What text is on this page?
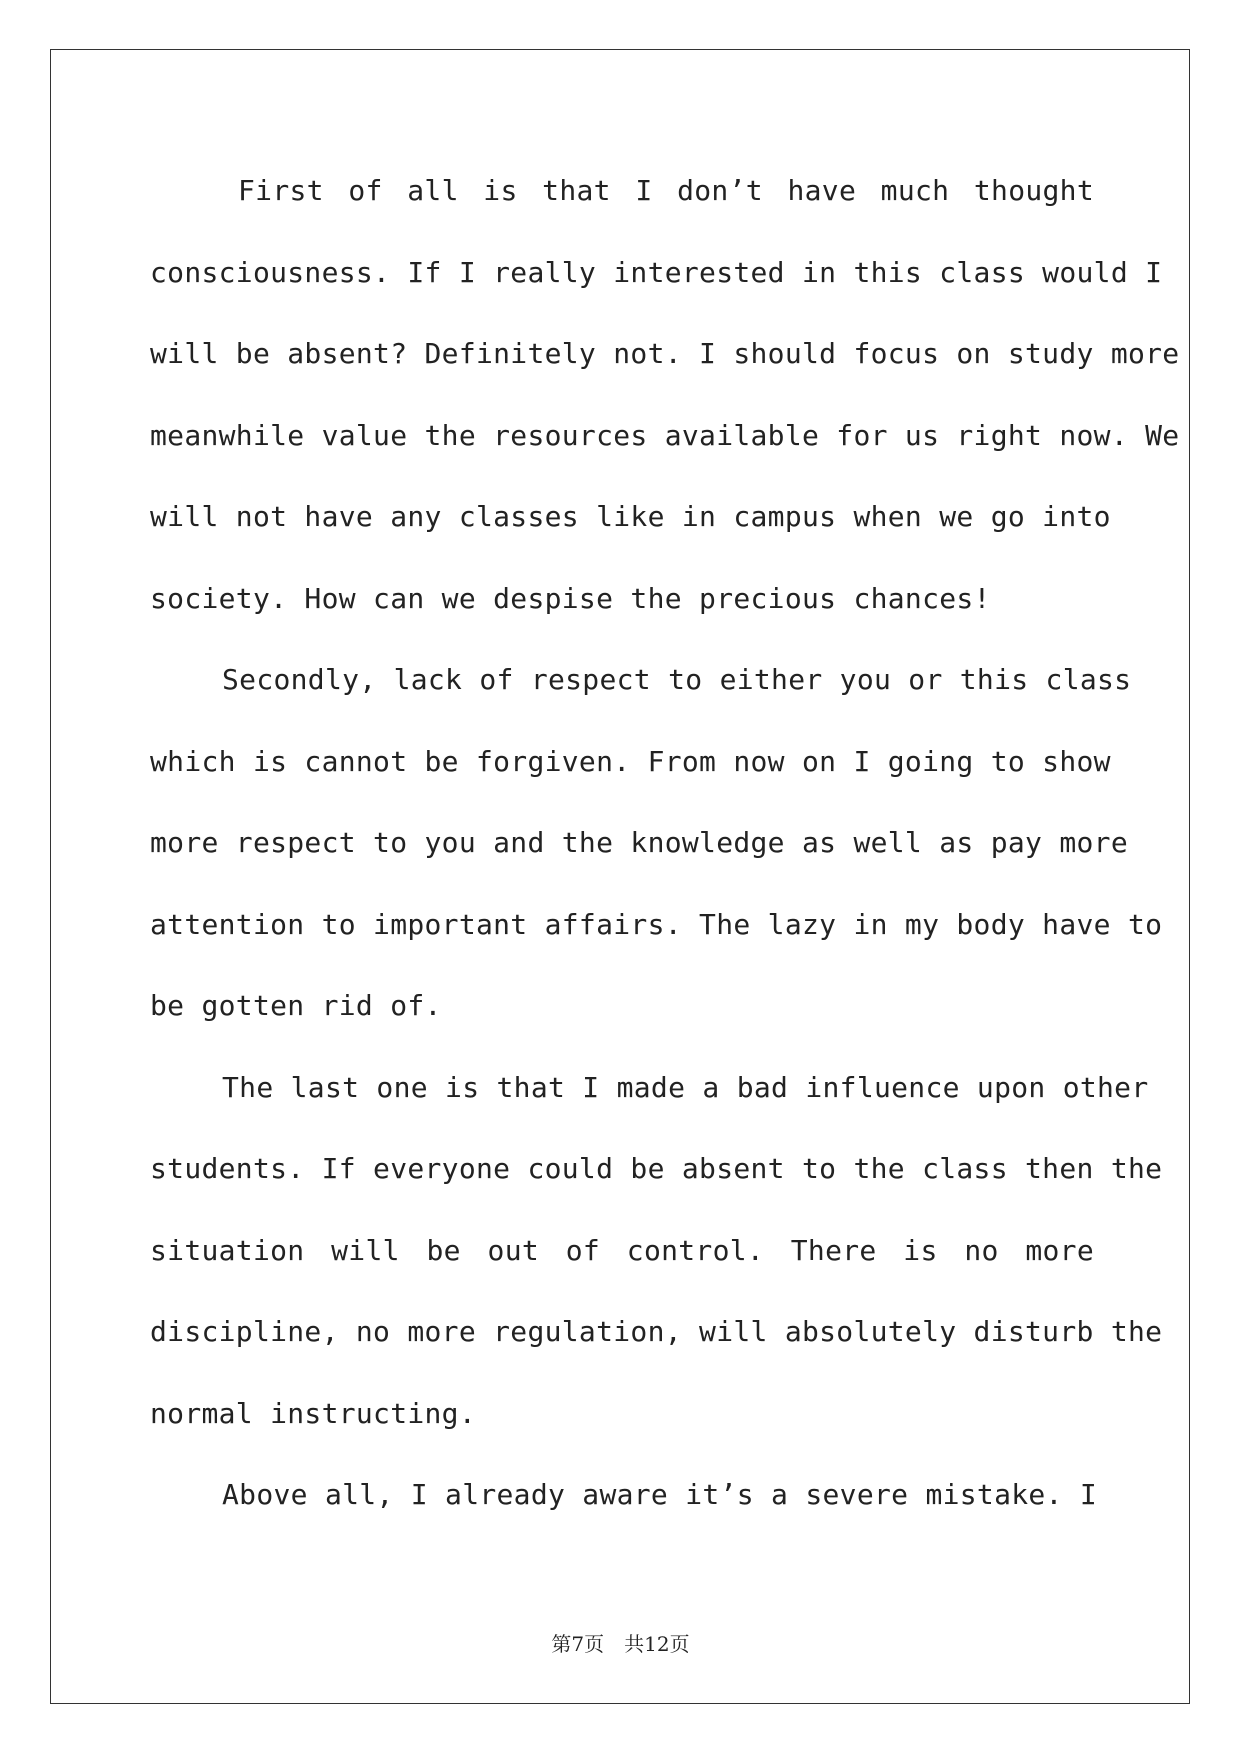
First of all is that I don’t have much thought
consciousness. If I really interested in this class would I
will be absent? Definitely not. I should focus on study more
meanwhile value the resources available for us right now. We
will not have any classes like in campus when we go into
society. How can we despise the precious chances!
Secondly, lack of respect to either you or this class
which is cannot be forgiven. From now on I going to show
more respect to you and the knowledge as well as pay more
attention to important affairs. The lazy in my body have to
be gotten rid of.
The last one is that I made a bad influence upon other
students. If everyone could be absent to the class then the
situation will be out of control. There is no more
discipline, no more regulation, will absolutely disturb the
normal instructing.
Above all, I already aware it’s a severe mistake. I
第7页　共12页
